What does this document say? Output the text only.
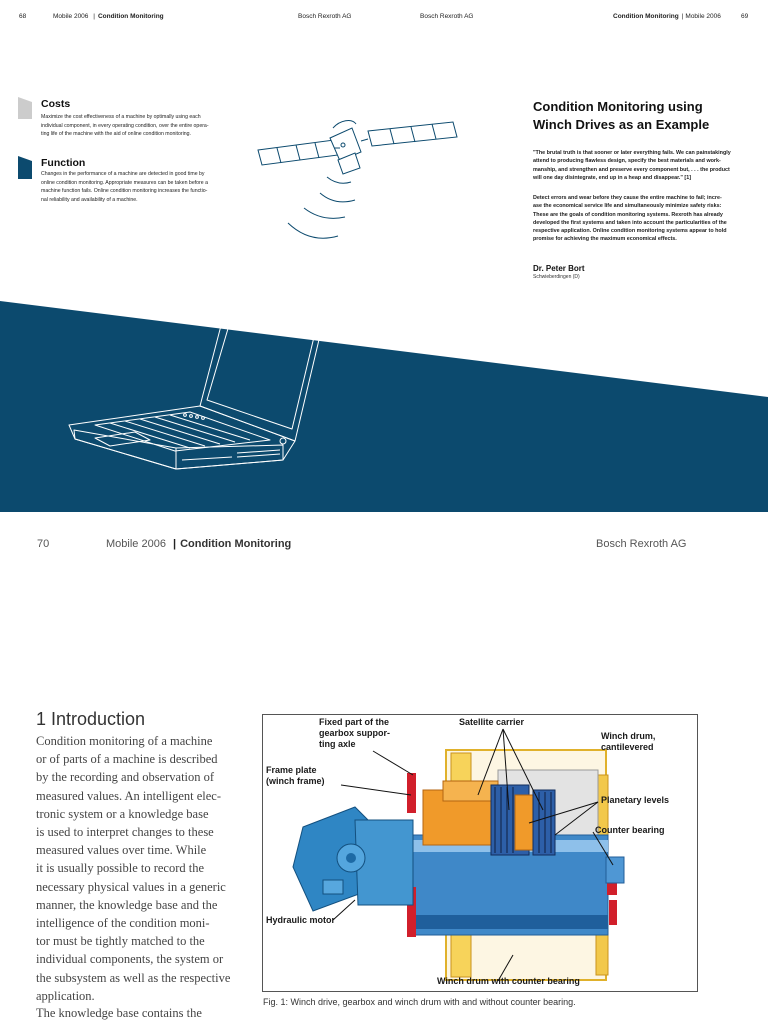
68	Mobile 2006 | Condition Monitoring	Bosch Rexroth AG	Bosch Rexroth AG	Condition Monitoring | Mobile 2006	69
Costs
Maximize the cost effectiveness of a machine by optimally using each
individual component, in every operating condition, over the entire opera-
ting life of the machine with the aid of online condition monitoring.
Function
Changes in the performance of a machine are detected in good time by
online condition monitoring. Appropriate measures can be taken before a
machine function fails. Online condition monitoring increases the functio-
nal reliability and availability of a machine.
Condition Monitoring using
Winch Drives as an Example
"The brutal truth is that sooner or later everything fails. We can painstakingly
attend to producing flawless design, specify the best materials and work-
manship, and strengthen and preserve every component but, . . . the product
will one day disintegrate, end up in a heap and disappear." [1]
Detect errors and wear before they cause the entire machine to fail; incre-
ase the economical service life and simultaneously minimize safety risks:
These are the goals of condition monitoring systems. Rexroth has already
developed the first systems and taken into account the particularities of the
respective application. Online condition monitoring systems appear to hold
promise for achieving the maximum economical effects.
Dr. Peter Bort
Schwieberdingen (D)
70	Mobile 2006 | Condition Monitoring	Bosch Rexroth AG
1 Introduction
Condition monitoring of a machine
or of parts of a machine is described
by the recording and observation of
measured values. An intelligent elec-
tronic system or a knowledge base
is used to interpret changes to these
measured values over time. While
it is usually possible to record the
necessary physical values in a generic
manner, the knowledge base and the
intelligence of the condition moni-
tor must be tightly matched to the
individual components, the system or
the subsystem as well as the respective
application.
The knowledge base contains the
Fixed part of the
gearbox suppor-
ting axle
Satellite carrier
Winch drum,
cantilevered
Frame plate
(winch frame)
Planetary levels
Counter bearing
Hydraulic motor
Winch drum with counter bearing
Fig. 1: Winch drive, gearbox and winch drum with and without counter bearing.
